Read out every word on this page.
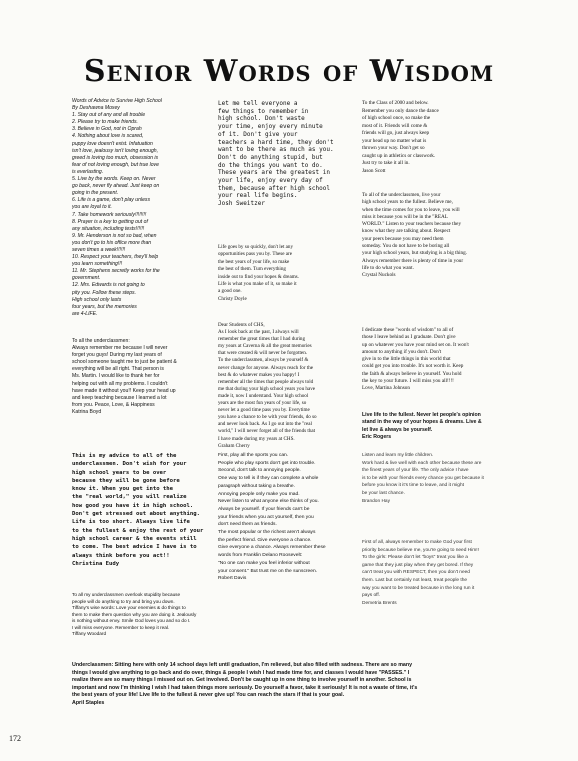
Senior Words of Wisdom
Words of Advice to Survive High School
By Deshawna Moxey
1. Stay out of any and all trouble
2. Please try to make friends.
3. Believe in God, not in Oprah
4. Nothing about love is scared,
puppy love doesn't exist. Infatuation
isn't love, jealousy isn't loving enough,
greed is loving too much, obsession is
fear of not loving enough, but true love
is everlasting.
5. Live by the words. Keep on. Never
go back, never fly ahead. Just keep on
going in the present.
6. Life is a game, don't play unless
you are loyal to it.
7. Take homework seriously!!!!!!!!
8. Prayer is a key to getting out of
any situation, including tests!!!!!!
9. Mr. Henderson is not so bad, when
you don't go to his office more than
seven times a week!!!!!!
10. Respect your teachers, they'll help
you learn something!!!
11. Mr. Stephens secretly works for the
government.
12. Mrs. Edwards is not going to
pity you. Follow these steps.
High school only lasts
four years, but the memories
are 4-LIFE.
To all the underclassmen:
Always remember me because I will never
forget you guys! During my last years of
school someone taught me to just be patient &
everything will be all right. That person is
Ms. Martin. I would like to thank her for
helping out with all my problems. I couldn't
have made it without you!! Keep your head up
and keep teaching because I learned a lot
from you. Peace, Love, & Happiness
Katrina Boyd
Let me tell everyone a
few things to remember in
high school. Don't waste
your time, enjoy every minute
of it. Don't give your
teachers a hard time, they don't
want to be there as much as you.
Don't do anything stupid, but
do the things you want to do.
These years are the greatest in
your life, enjoy every day of
them, because after high school
your real life begins.
Josh Sweitzer
Life goes by so quickly, don't let any
opportunities pass you by. These are
the best years of your life, so make
the best of them. Turn everything
inside out to find your hopes & dreams.
Life is what you make of it, so make it
a good one.
Christy Doyle
Dear Students of CHS,
As I look back at the past, I always will
remember the great times that I had during
my years at Caverna & all the great memories
that were created & will never be forgotten.
To the underclassmen, always be yourself &
never change for anyone. Always reach for the
best & do whatever makes you happy! I
remember all the times that people always told
me that during your high school years you have
made it, now I understand. Your high school
years are the most fun years of your life, so
never let a good time pass you by. Everytime
you have a chance to be with your friends, do so
and never look back. As I go out into the "real
world," I will never forget all of the friends that
I have made during my years at CHS.
Graham Cherry
To the Class of 2000 and below.
Remember you only dance the dance
of high school once, so make the
most of it. Friends will come &
friends will go, just always keep
your head up no matter what is
thrown your way. Don't get so
caught up in athletics or classwork.
Just try to take it all in.
Jason Scott
To all of the underclassmen, live your
high school years to the fullest. Believe me,
when the time comes for you to leave, you will
miss it because you will be in the "REAL
WORLD." Listen to your teachers because they
know what they are talking about. Respect
your peers because you may need them
someday. You do not have to be boring all
your high school years, but studying is a big thing.
Always remember there is plenty of time in your
life to do what you want.
Crystal Nuckols
I dedicate these "words of wisdom" to all of
those I leave behind as I graduate. Don't give
up on whatever you have your mind set on. It won't
amount to anything if you don't. Don't
give in to the little things in this world that
could get you into trouble. It's not worth it. Keep
the faith & always believe in yourself. You hold
the key to your future. I will miss you all!!!!
Love, Martina Johnson
Live life to the fullest. Never let people's opinion
stand in the way of your hopes & dreams. Live &
let live & always be yourself.
Eric Rogers
This is my advice to all of the
underclassmen. Don't wish for your
high school years to be over
because they will be gone before
know it. When you get into the
the "real world," you will realize
how good you have it in high school.
Don't get stressed out about anything.
Life is too short. Always live life
to the fullest & enjoy the rest of your
high school career & the events still
to come. The best advice I have is to
always think before you act!!
Christina Eudy
To all my underclassmen overlook stupidity because
people will do anything to try and bring you down.
Tiffany's wise words: Love your enemies & do things to
them to make them question why you are doing it. Jealously
is nothing without envy. Smile God loves you and so do I.
I will miss everyone. Remember to keep it real.
Tiffany Woodard
First, play all the sports you can.
People who play sports don't get into trouble.
Second, don't talk to annoying people.
One way to tell is if they can complete a whole
paragraph without taking a breathe.
Annoying people only make you mad.
Never listen to what anyone else thinks of you.
Always be yourself. If your friends can't be
your friends when you act yourself, then you
don't need them as friends.
The most popular or the richest aren't always
the perfect friend. Give everyone a chance.
Give everyone a chance. Always remember these
words from Franklin Delano Roosevelt:
"No one can make you feel inferior without
your consent." But trust me on the sunscreen.
Robert Davis
Listen and learn my little children.
Work hard & live well with each other because these are
the finest years of your life. The only advice I have
is to be with your friends every chance you get because it
before you know it it's time to leave, and it might
be your last chance.
Brandon Hay
First of all, always remember to make God your first
priority because believe me, you're going to need Him!!
To the girls: Please don't let "boys" treat you like a
game that they just play when they get bored. If they
can't treat you with RESPECT, then you don't need
them. Last but certainly not least, treat people the
way you want to be treated because in the long run it
pays off.
Demetria Brents
Underclassmen: Sitting here with only 14 school days left until graduation, I'm relieved, but also filled with sadness. There are so many
things I would give anything to go back and do over, things & people I wish I had made time for, and classes I would have "PASSES." I
realize there are so many things I missed out on. Get involved. Don't be caught up in one thing to involve yourself in another. School is
important and now I'm thinking I wish I had taken things more seriously. Do yourself a favor, take it seriously! It is not a waste of time, it's
the best years of your life! Live life to the fullest & never give up! You can reach the stars if that is your goal.
April Staples
172
